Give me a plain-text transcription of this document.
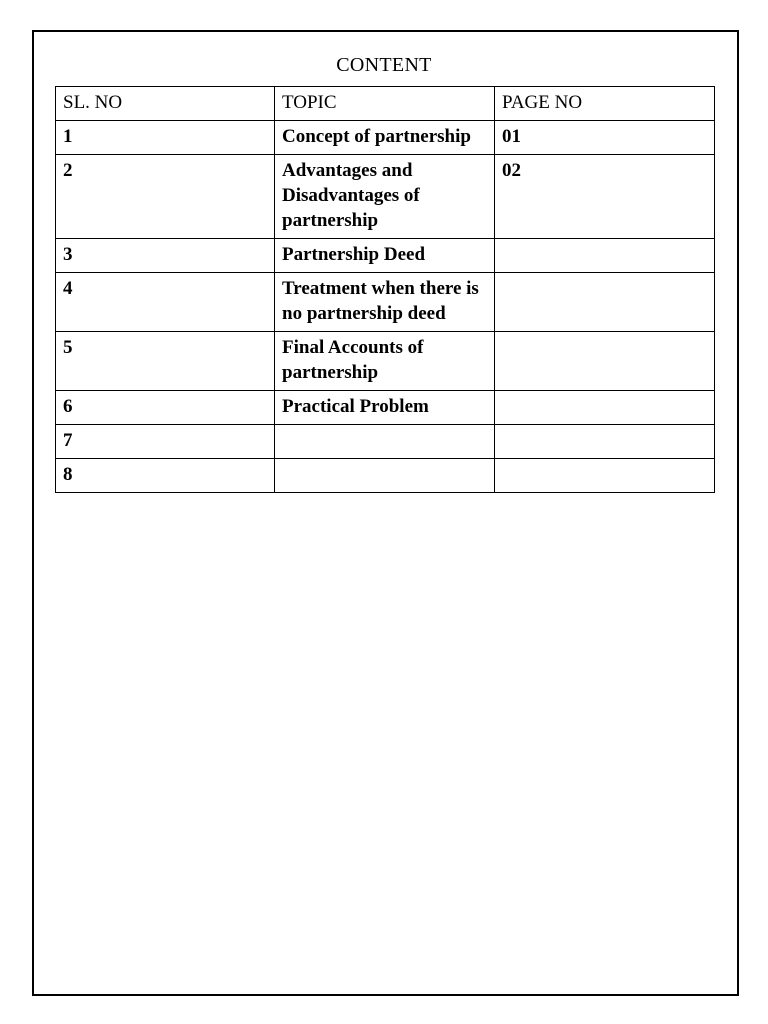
CONTENT
SL. NO	TOPIC	PAGE NO
1	Concept of partnership	01
2	Advantages and Disadvantages of partnership	02
3	Partnership Deed	
4	Treatment when there is no partnership deed	
5	Final Accounts of partnership	
6	Practical Problem	
7		
8		
